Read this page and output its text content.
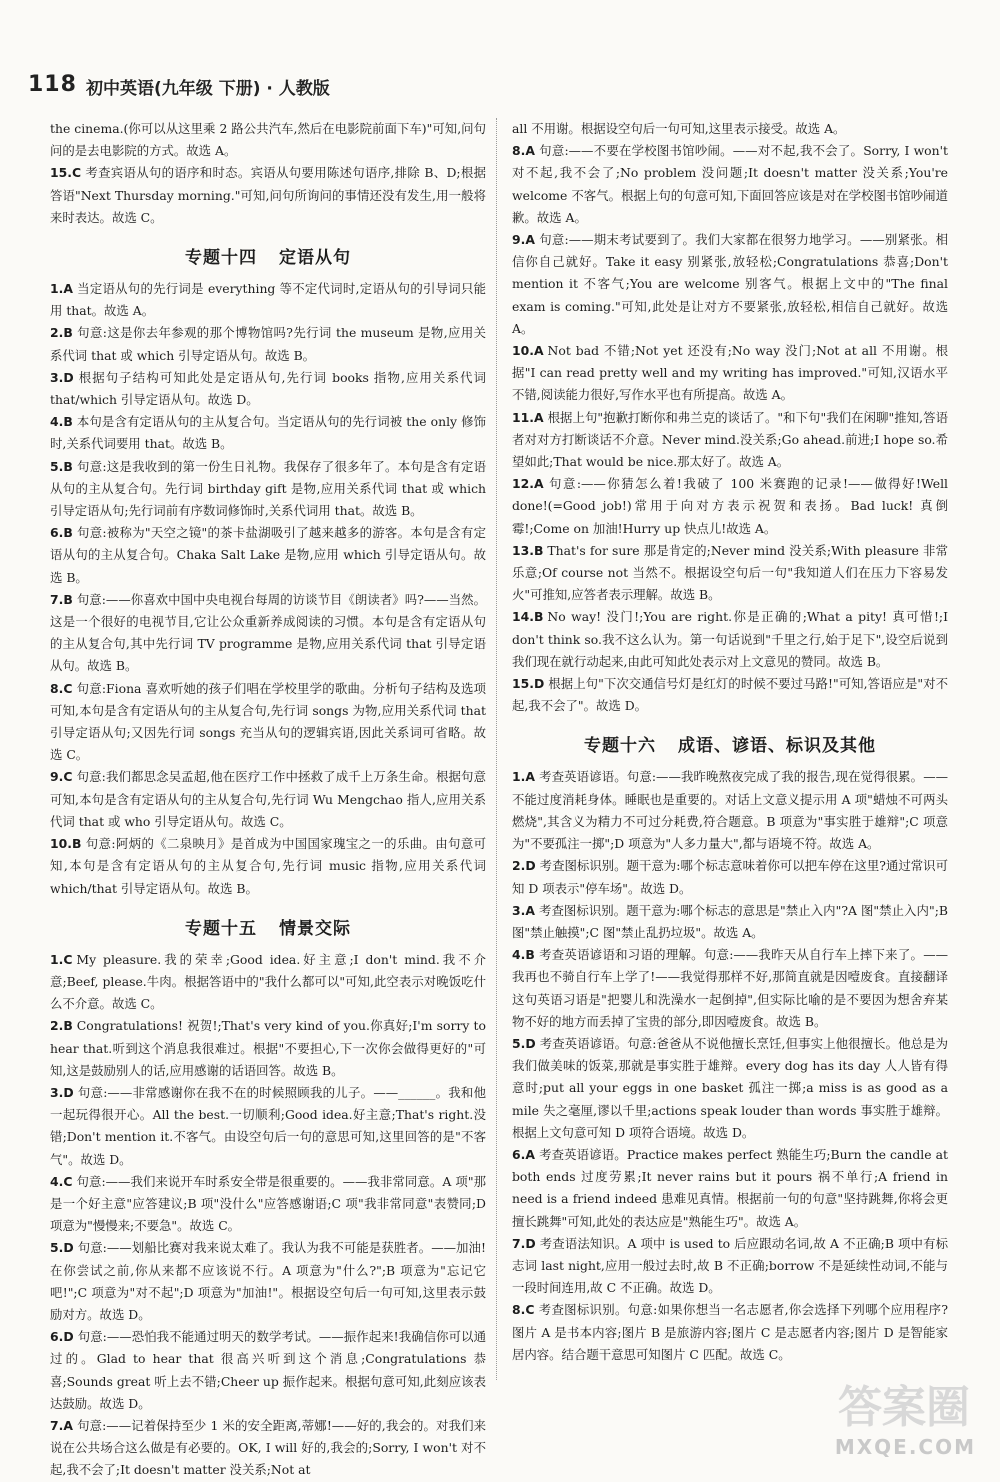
118 初中英语(九年级 下册) · 人教版

the cinema.(你可以从这里乘 2 路公共汽车,然后在电影院前面下车)"可知,问句问的是去电影院的方式。故选 A。

15.C 考查宾语从句的语序和时态。宾语从句要用陈述句语序,排除 B、D;根据答语"Next Thursday morning."可知,问句所询问的事情还没有发生,用一般将来时表达。故选 C。

专题十四 定语从句

1.A 当定语从句的先行词是 everything 等不定代词时,定语从句的引导词只能用 that。故选 A。

2.B 句意:这是你去年参观的那个博物馆吗?先行词 the museum 是物,应用关系代词 that 或 which 引导定语从句。故选 B。

3.D 根据句子结构可知此处是定语从句,先行词 books 指物,应用关系代词 that/which 引导定语从句。故选 D。

4.B 本句是含有定语从句的主从复合句。当定语从句的先行词被 the only 修饰时,关系代词要用 that。故选 B。

5.B 句意:这是我收到的第一份生日礼物。我保存了很多年了。本句是含有定语从句的主从复合句。先行词 birthday gift 是物,应用关系代词 that 或 which 引导定语从句;先行词前有序数词修饰时,关系代词用 that。故选 B。

6.B 句意:被称为"天空之镜"的茶卡盐湖吸引了越来越多的游客。本句是含有定语从句的主从复合句。Chaka Salt Lake 是物,应用 which 引导定语从句。故选 B。

7.B 句意:——你喜欢中国中央电视台每周的访谈节目《朗读者》吗?——当然。这是一个很好的电视节目,它让公众重新养成阅读的习惯。本句是含有定语从句的主从复合句,其中先行词 TV programme 是物,应用关系代词 that 引导定语从句。故选 B。

8.C 句意:Fiona 喜欢听她的孩子们唱在学校里学的歌曲。分析句子结构及选项可知,本句是含有定语从句的主从复合句,先行词 songs 为物,应用关系代词 that 引导定语从句;又因先行词 songs 充当从句的逻辑宾语,因此关系词可省略。故选 C。

9.C 句意:我们都思念吴孟超,他在医疗工作中拯救了成千上万条生命。根据句意可知,本句是含有定语从句的主从复合句,先行词 Wu Mengchao 指人,应用关系代词 that 或 who 引导定语从句。故选 C。

10.B 句意:阿炳的《二泉映月》是首成为中国国家瑰宝之一的乐曲。由句意可知,本句是含有定语从句的主从复合句,先行词 music 指物,应用关系代词 which/that 引导定语从句。故选 B。

专题十五 情景交际

1.C My pleasure.我的荣幸;Good idea.好主意;I don't mind.我不介意;Beef, please.牛肉。根据答语中的"我什么都可以"可知,此空表示对晚饭吃什么不介意。故选 C。

2.B Congratulations! 祝贺!;That's very kind of you.你真好;I'm sorry to hear that.听到这个消息我很难过。根据"不要担心,下一次你会做得更好的"可知,这是鼓励别人的话,应用感谢的话语回答。故选 B。

3.D 句意:——非常感谢你在我不在的时候照顾我的儿子。——______。我和他一起玩得很开心。All the best.一切顺利;Good idea.好主意;That's right.没错;Don't mention it.不客气。由设空句后一句的意思可知,这里回答的是"不客气"。故选 D。

4.C 句意:——我们来说开车时系安全带是很重要的。——我非常同意。A 项"那是一个好主意"应答建议;B 项"没什么"应答感谢语;C 项"我非常同意"表赞同;D 项意为"慢慢来;不要急"。故选 C。

5.D 句意:——划船比赛对我来说太难了。我认为我不可能是获胜者。——加油!在你尝试之前,你从来都不应该说不行。A 项意为"什么?";B 项意为"忘记它吧!";C 项意为"对不起";D 项意为"加油!"。根据设空句后一句可知,这里表示鼓励对方。故选 D。

6.D 句意:——恐怕我不能通过明天的数学考试。——振作起来!我确信你可以通过的。Glad to hear that 很高兴听到这个消息;Congratulations 恭喜;Sounds great 听上去不错;Cheer up 振作起来。根据句意可知,此刻应该表达鼓励。故选 D。

7.A 句意:——记着保持至少 1 米的安全距离,蒂娜!——好的,我会的。对我们来说在公共场合这么做是有必要的。OK, I will 好的,我会的;Sorry, I won't 对不起,我不会了;It doesn't matter 没关系;Not at

all 不用谢。根据设空句后一句可知,这里表示接受。故选 A。

8.A 句意:——不要在学校图书馆吵闹。——对不起,我不会了。Sorry, I won't 对不起,我不会了;No problem 没问题;It doesn't matter 没关系;You're welcome 不客气。根据上句的句意可知,下面回答应该是对在学校图书馆吵闹道歉。故选 A。

9.A 句意:——期末考试要到了。我们大家都在很努力地学习。——别紧张。相信你自己就好。Take it easy 别紧张,放轻松;Congratulations 恭喜;Don't mention it 不客气;You are welcome 别客气。根据上文中的"The final exam is coming."可知,此处是让对方不要紧张,放轻松,相信自己就好。故选 A。

10.A Not bad 不错;Not yet 还没有;No way 没门;Not at all 不用谢。根据"I can read pretty well and my writing has improved."可知,汉语水平不错,阅读能力很好,写作水平也有所提高。故选 A。

11.A 根据上句"抱歉打断你和弗兰克的谈话了。"和下句"我们在闲聊"推知,答语者对对方打断谈话不介意。Never mind.没关系;Go ahead.前进;I hope so.希望如此;That would be nice.那太好了。故选 A。

12.A 句意:——你猜怎么着!我破了 100 米赛跑的记录!——做得好!Well done!(=Good job!)常用于向对方表示祝贺和表扬。Bad luck! 真倒霉!;Come on 加油!Hurry up 快点儿!故选 A。

13.B That's for sure 那是肯定的;Never mind 没关系;With pleasure 非常乐意;Of course not 当然不。根据设空句后一句"我知道人们在压力下容易发火"可推知,应答者表示理解。故选 B。

14.B No way! 没门!;You are right.你是正确的;What a pity! 真可惜!;I don't think so.我不这么认为。第一句话说到"千里之行,始于足下",设空后说到我们现在就行动起来,由此可知此处表示对上文意见的赞同。故选 B。

15.D 根据上句"下次交通信号灯是红灯的时候不要过马路!"可知,答语应是"对不起,我不会了"。故选 D。

专题十六 成语、谚语、标识及其他

1.A 考查英语谚语。句意:——我昨晚熬夜完成了我的报告,现在觉得很累。——不能过度消耗身体。睡眠也是重要的。对话上文意义提示用 A 项"蜡烛不可两头燃烧",其含义为精力不可过分耗费,符合题意。B 项意为"事实胜于雄辩";C 项意为"不要孤注一掷";D 项意为"人多力量大",都与语境不符。故选 A。

2.D 考查图标识别。题干意为:哪个标志意味着你可以把车停在这里?通过常识可知 D 项表示"停车场"。故选 D。

3.A 考查图标识别。题干意为:哪个标志的意思是"禁止入内"?A 图"禁止入内";B 图"禁止触摸";C 图"禁止乱扔垃圾"。故选 A。

4.B 考查英语谚语和习语的理解。句意:——我昨天从自行车上摔下来了。——我再也不骑自行车上学了!——我觉得那样不好,那简直就是因噎废食。直接翻译这句英语习语是"把婴儿和洗澡水一起倒掉",但实际比喻的是不要因为想舍弃某物不好的地方而丢掉了宝贵的部分,即因噎废食。故选 B。

5.D 考查英语谚语。句意:爸爸从不说他擅长烹饪,但事实上他很擅长。他总是为我们做美味的饭菜,那就是事实胜于雄辩。every dog has its day 人人皆有得意时;put all your eggs in one basket 孤注一掷;a miss is as good as a mile 失之毫厘,谬以千里;actions speak louder than words 事实胜于雄辩。根据上文句意可知 D 项符合语境。故选 D。

6.A 考查英语谚语。Practice makes perfect 熟能生巧;Burn the candle at both ends 过度劳累;It never rains but it pours 祸不单行;A friend in need is a friend indeed 患难见真情。根据前一句的句意"坚持跳舞,你将会更擅长跳舞"可知,此处的表达应是"熟能生巧"。故选 A。

7.D 考查语法知识。A 项中 is used to 后应跟动名词,故 A 不正确;B 项中有标志词 last night,应用一般过去时,故 B 不正确;borrow 不是延续性动词,不能与一段时间连用,故 C 不正确。故选 D。

8.C 考查图标识别。句意:如果你想当一名志愿者,你会选择下列哪个应用程序?图片 A 是书本内容;图片 B 是旅游内容;图片 C 是志愿者内容;图片 D 是智能家居内容。结合题干意思可知图片 C 匹配。故选 C。

答案圈
MXQE.COM
